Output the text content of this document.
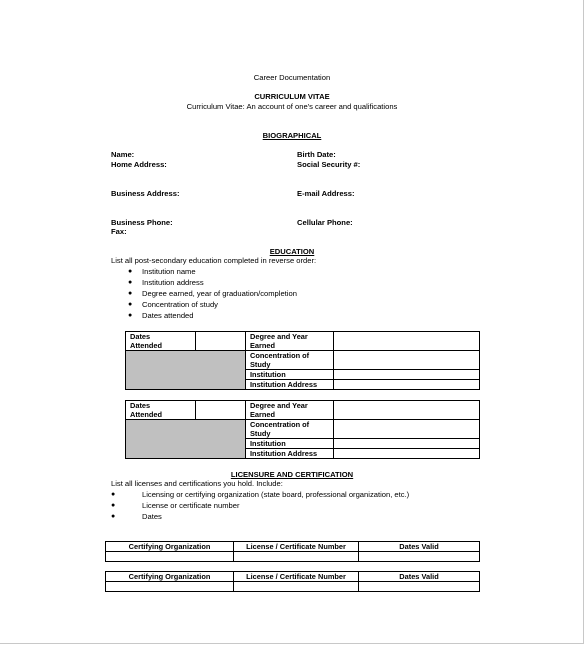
Career Documentation
CURRICULUM VITAE
Curriculum Vitae: An account of one's career and qualifications
BIOGRAPHICAL
Name:	Birth Date:
Home Address:	Social Security #:
Business Address:	E-mail Address:
Business Phone:	Cellular Phone:
Fax:
EDUCATION
List all post-secondary education completed in reverse order:
● Institution name
● Institution address
● Degree earned, year of graduation/completion
● Concentration of study
● Dates attended
Dates
Attended		Degree and Year
Earned	
		Concentration of
Study	
		Institution	
		Institution Address	
Dates
Attended		Degree and Year
Earned	
		Concentration of
Study	
		Institution	
		Institution Address	
LICENSURE AND CERTIFICATION
List all licenses and certifications you hold. Include:
●	Licensing or certifying organization (state board, professional organization, etc.)
●	License or certificate number
●	Dates
Certifying Organization	License / Certificate Number	Dates Valid

Certifying Organization	License / Certificate Number	Dates Valid
